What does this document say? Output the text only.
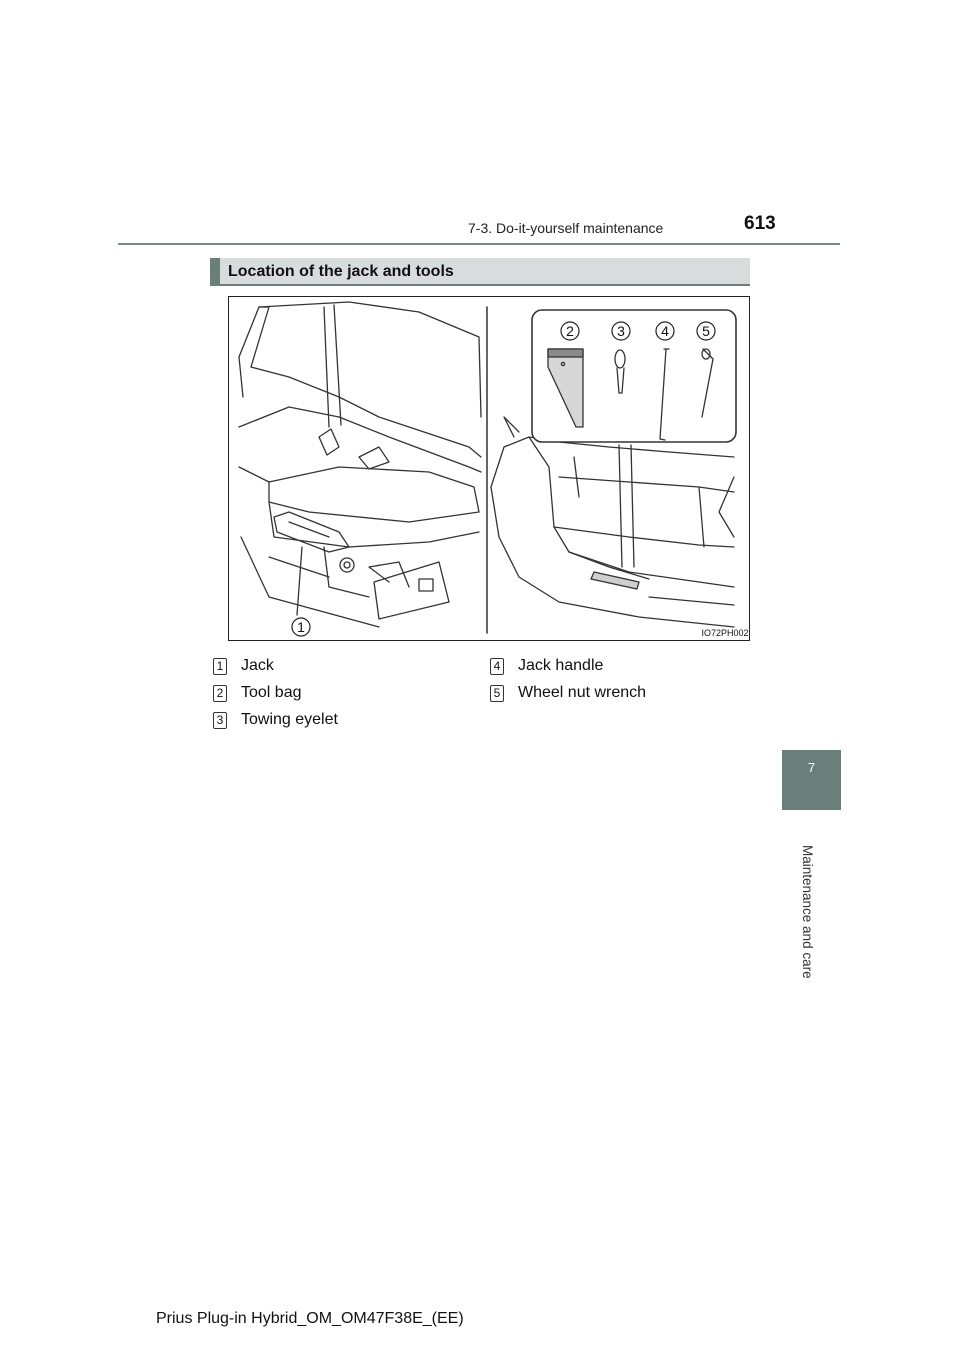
7-3. Do-it-yourself maintenance	613
7
Maintenance and care
Location of the jack and tools
1
2	3	4 5
IO72PH002
1 Jack
2 Tool bag
3 Towing eyelet
4 Jack handle
5 Wheel nut wrench
Prius Plug-in Hybrid_OM_OM47F38E_(EE)
